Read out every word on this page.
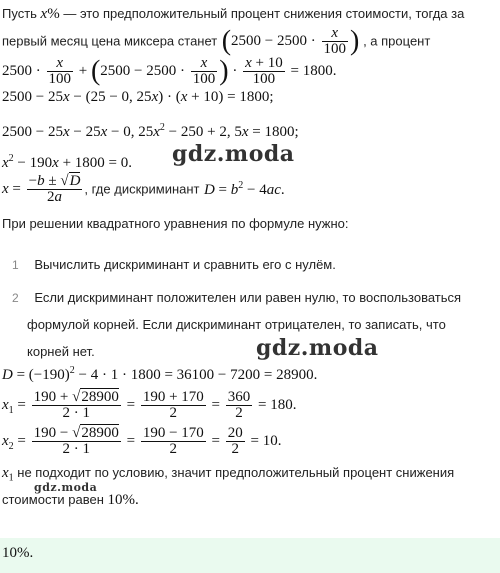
Пусть x% — это предположительный процент снижения стоимости, тогда за
первый месяц цена миксера станет ($2500 - 2500 \cdot \frac{x}{100}$ ) , а процент
$2500 \cdot \frac{x}{100} + (2500 - 2500 \cdot \frac{x}{100}$ ) · $\frac{x + 10}{100} = 1800$.
2500 − 25x − (25 − 0, 25x) · (x + 10) = 1800;
2500 − 25x − 25x − 0, $25x^2 - 250 + 2$, 5x = 1800;
$x^2 - 190x + 1800 = 0$. gdz.moda
$x = \frac{-b \pm √D}{2a}$ , где дискриминант $D = b^2 - 4ac$.
При решении квадратного уравнения по формуле нужно:
1 Вычислить дискриминант и сравнить его с нулём.
2 Если дискриминант положителен или равен нулю, то воспользоваться
формулой корней. Если дискриминант отрицателен, то записать, что
корней нет.	gdz.moda
$D = (-190)^2 - 4 \cdot 1 \cdot 1800 = 36100 - 7200 = 28900$.
$x_1 = \frac{190 + √28900}{2 \cdot 1} = \frac{190 + 170}{2} = \frac{360}{2} = 180$.
$x_2 = \frac{190 - √28900}{2 \cdot 1} = \frac{190 - 170}{2} = \frac{20}{2} = 10$.
$x_1$ не подходит по условию, значит предположительный процент снижения
gdz.moda
стоимости равен 10%.
10%.
